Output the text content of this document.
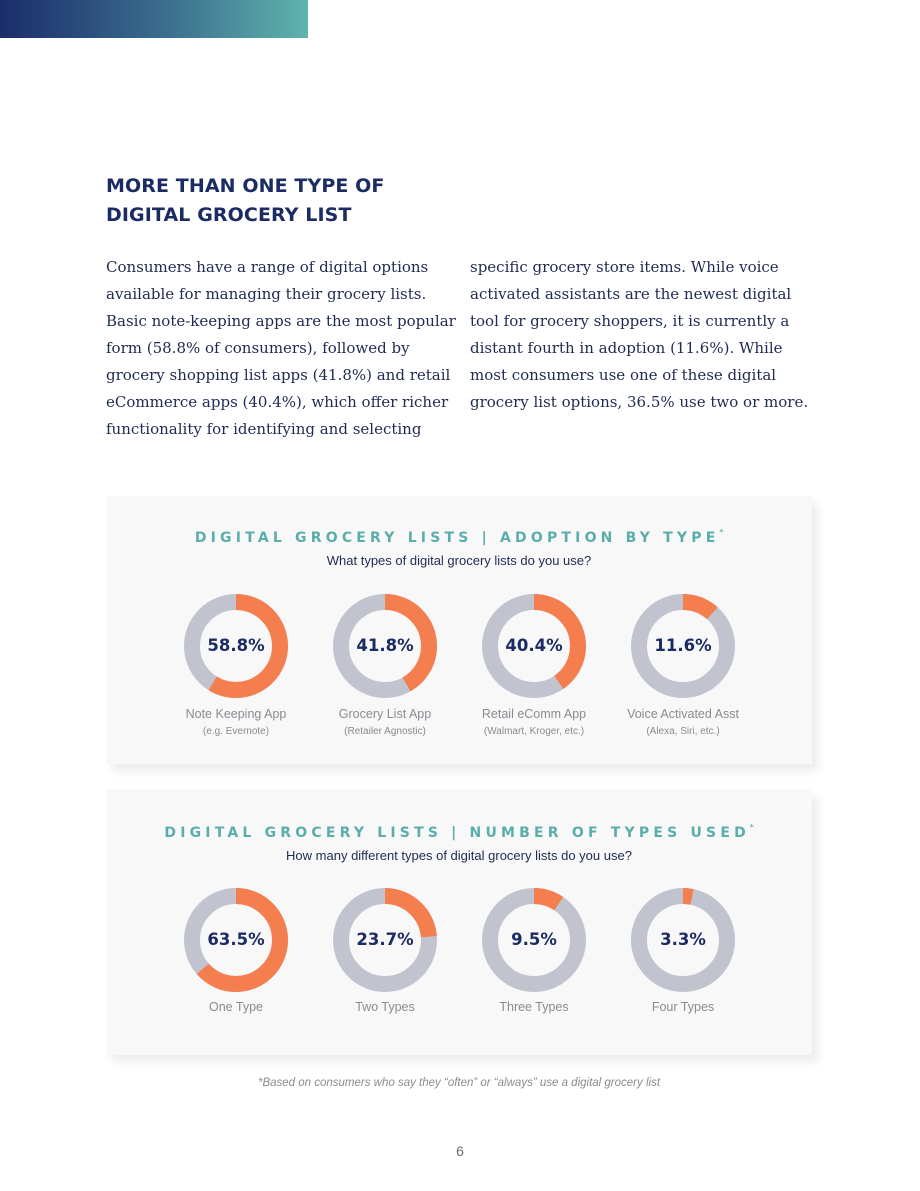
MORE THAN ONE TYPE OF
DIGITAL GROCERY LIST

Consumers have a range of digital options
available for managing their grocery lists.
Basic note-keeping apps are the most popular
form (58.8% of consumers), followed by
grocery shopping list apps (41.8%) and retail
eCommerce apps (40.4%), which offer richer
functionality for identifying and selecting

specific grocery store items. While voice
activated assistants are the newest digital
tool for grocery shoppers, it is currently a
distant fourth in adoption (11.6%). While
most consumers use one of these digital
grocery list options, 36.5% use two or more.

DIGITAL GROCERY LISTS | ADOPTION BY TYPE*
What types of digital grocery lists do you use?
58.8%
Note Keeping App
(e.g. Evernote)
41.8%
Grocery List App
(Retailer Agnostic)
40.4%
Retail eComm App
(Walmart, Kroger, etc.)
11.6%
Voice Activated Asst
(Alexa, Siri, etc.)
DIGITAL GROCERY LISTS | NUMBER OF TYPES USED*
How many different types of digital grocery lists do you use?
63.5%
One Type
23.7%
Two Types
9.5%
Three Types
3.3%
Four Types
*Based on consumers who say they “often” or “always” use a digital grocery list
6
